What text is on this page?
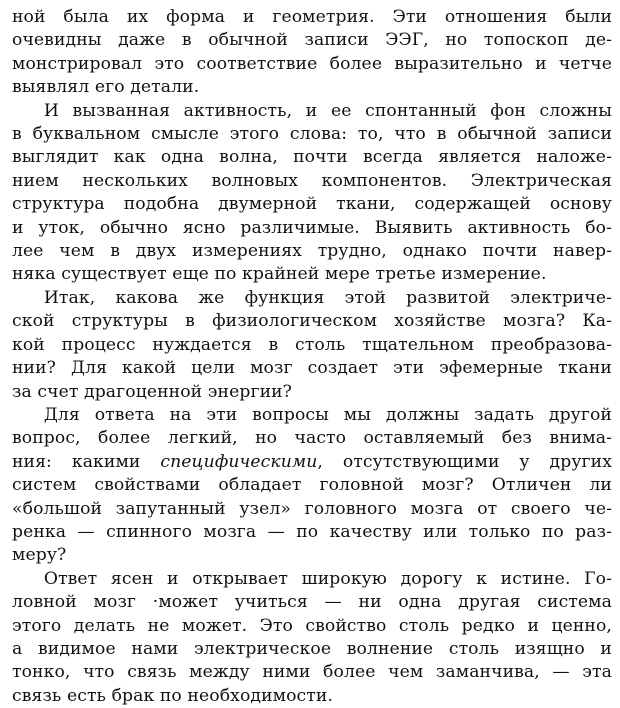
ной была их форма и геометрия. Эти отношения были
очевидны даже в обычной записи ЭЭГ, но топоскоп де-
монстрировал это соответствие более выразительно и четче
выявлял его детали.

И вызванная активность, и ее спонтанный фон сложны
в буквальном смысле этого слова: то, что в обычной записи
выглядит как одна волна, почти всегда является наложе-
нием нескольких волновых компонентов. Электрическая
структура подобна двумерной ткани, содержащей основу
и уток, обычно ясно различимые. Выявить активность бо-
лее чем в двух измерениях трудно, однако почти навер-
няка существует еще по крайней мере третье измерение.

Итак, какова же функция этой развитой электриче-
ской структуры в физиологическом хозяйстве мозга? Ка-
кой процесс нуждается в столь тщательном преобразова-
нии? Для какой цели мозг создает эти эфемерные ткани
за счет драгоценной энергии?

Для ответа на эти вопросы мы должны задать другой
вопрос, более легкий, но часто оставляемый без внима-
ния: какими специфическими, отсутствующими у других
систем свойствами обладает головной мозг? Отличен ли
«большой запутанный узел» головного мозга от своего че-
ренка — спинного мозга — по качеству или только по раз-
меру?

Ответ ясен и открывает широкую дорогу к истине. Го-
ловной мозг ·может учиться — ни одна другая система
этого делать не может. Это свойство столь редко и ценно,
а видимое нами электрическое волнение столь изящно и
тонко, что связь между ними более чем заманчива, — эта
связь есть брак по необходимости.
